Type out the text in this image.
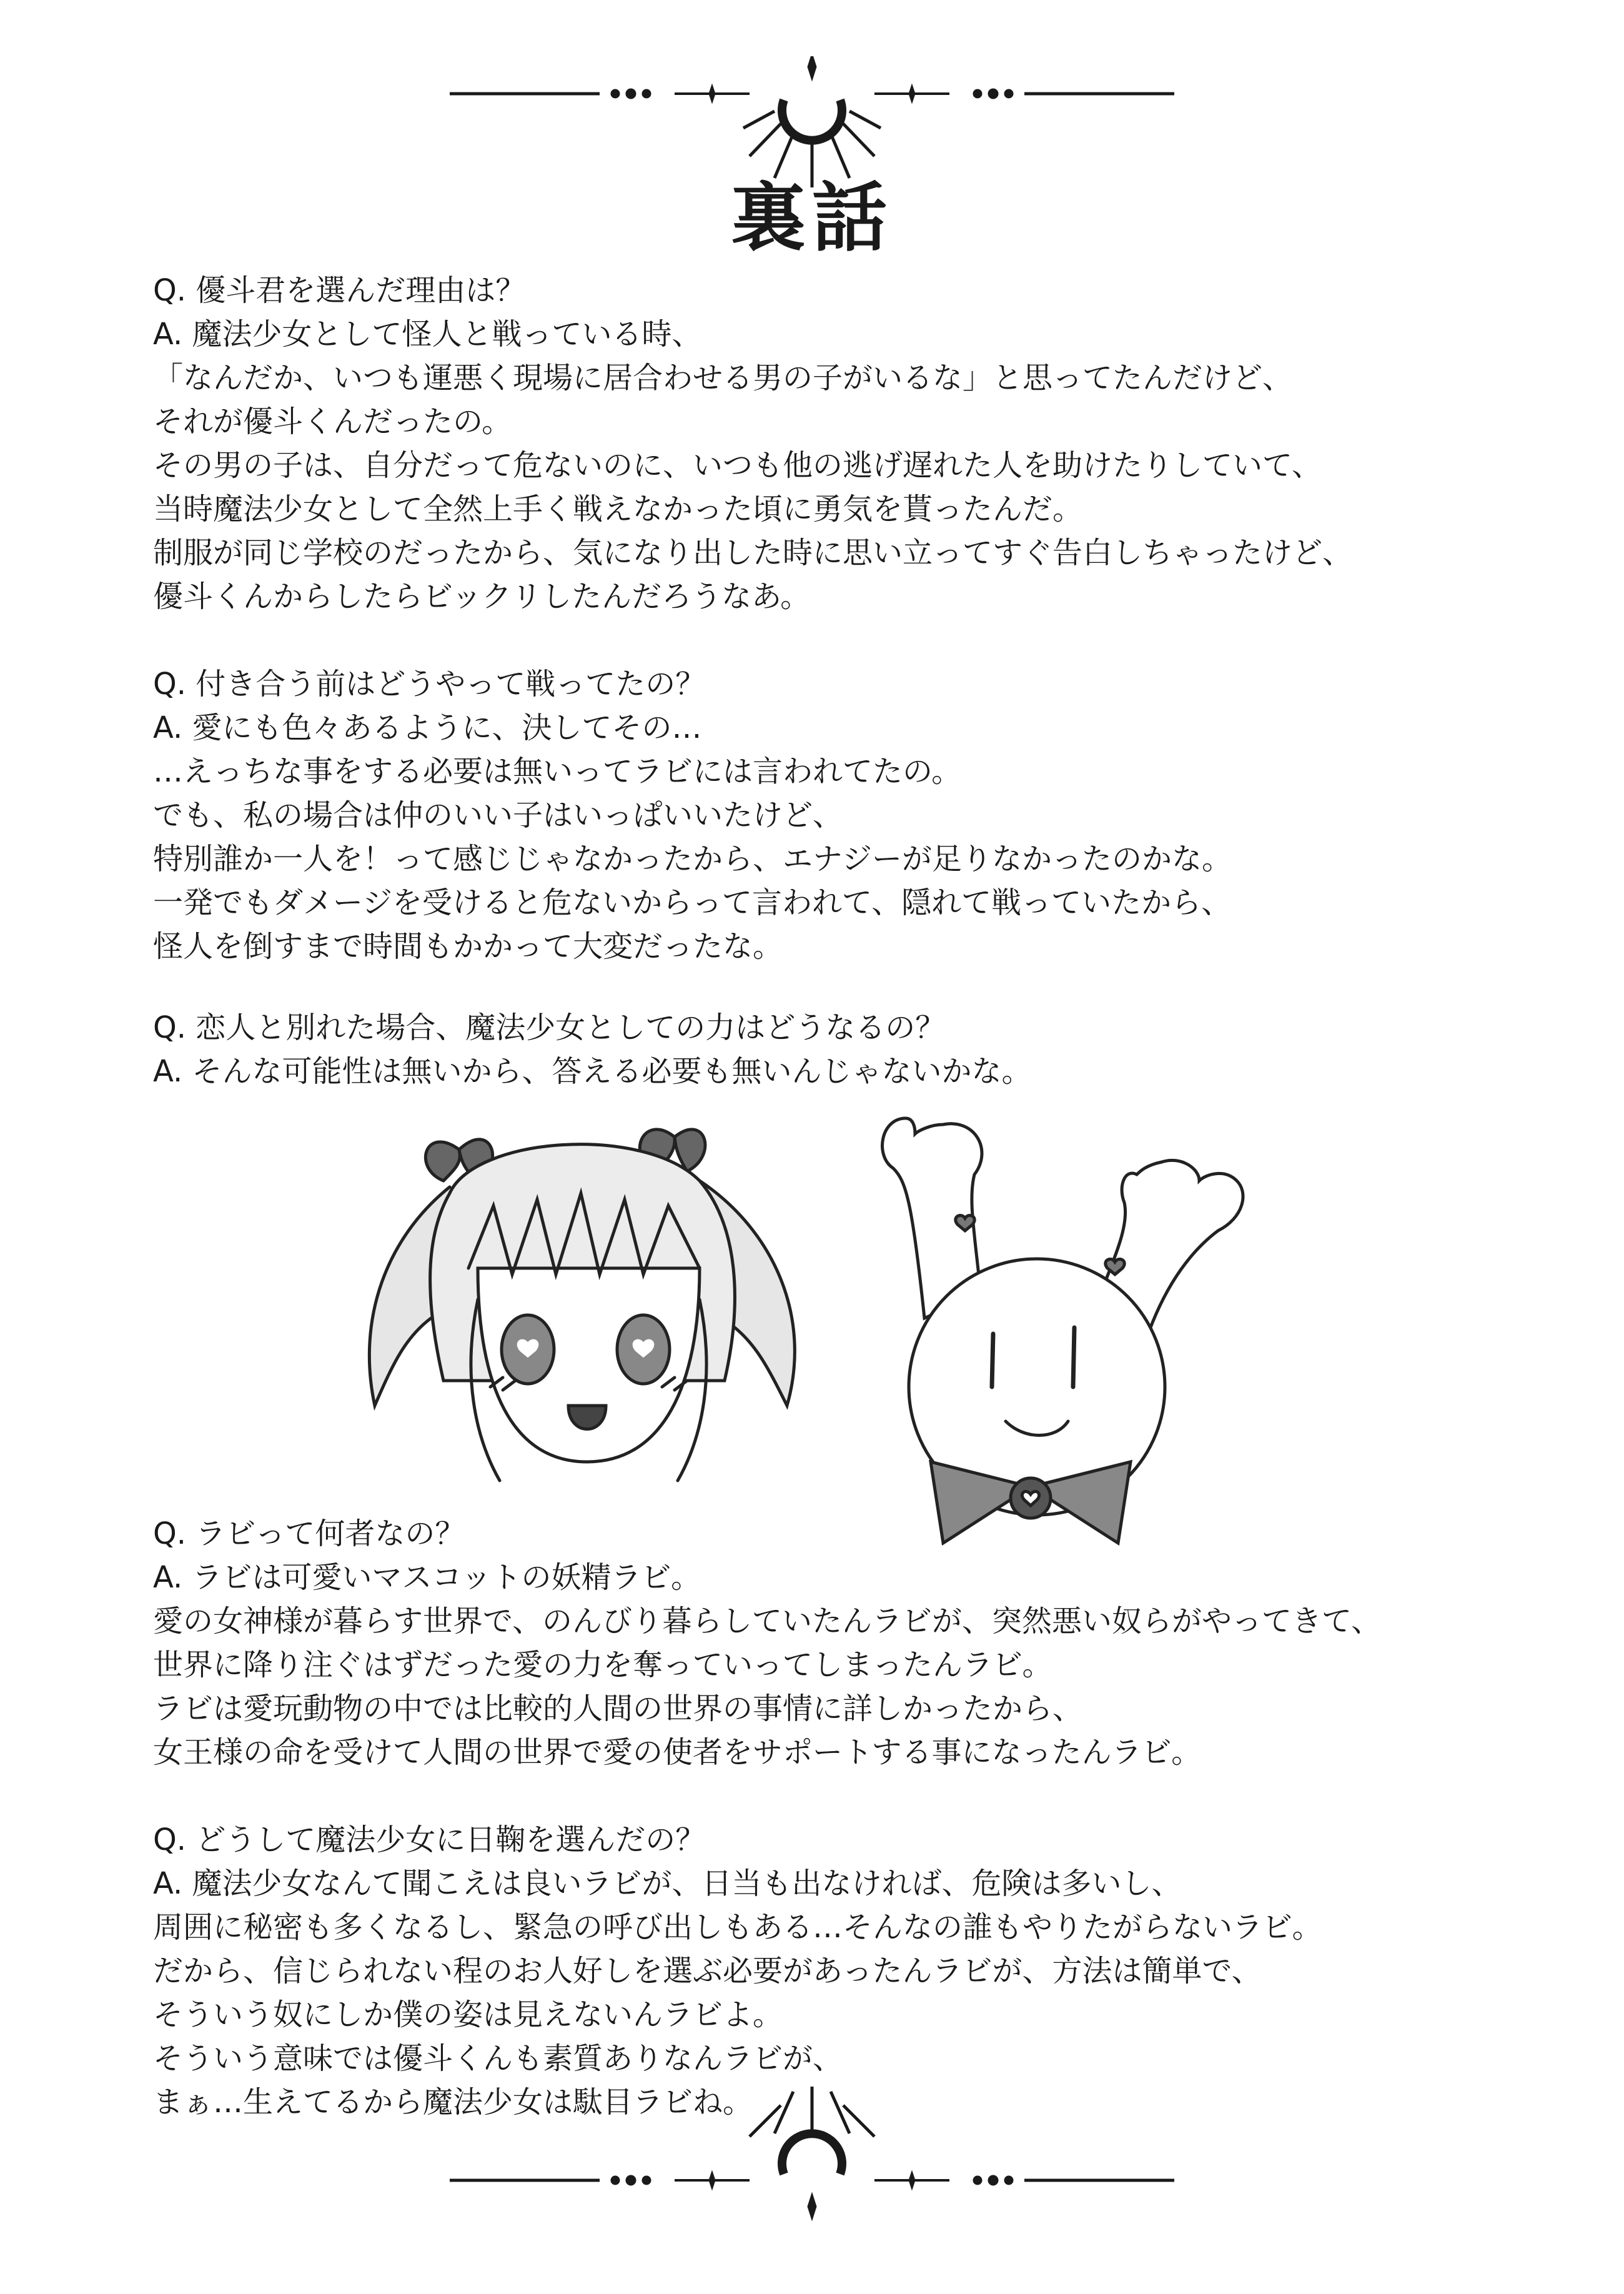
裏話
Q. 優斗君を選んだ理由は？
A. 魔法少女として怪人と戦っている時、
「なんだか、いつも運悪く現場に居合わせる男の子がいるな」と思ってたんだけど、
それが優斗くんだったの。
その男の子は、自分だって危ないのに、いつも他の逃げ遅れた人を助けたりしていて、
当時魔法少女として全然上手く戦えなかった頃に勇気を貰ったんだ。
制服が同じ学校のだったから、気になり出した時に思い立ってすぐ告白しちゃったけど、
優斗くんからしたらビックリしたんだろうなあ。
Q. 付き合う前はどうやって戦ってたの？
A. 愛にも色々あるように、決してその…
…えっちな事をする必要は無いってラビには言われてたの。
でも、私の場合は仲のいい子はいっぱいいたけど、
特別誰か一人を！って感じじゃなかったから、エナジーが足りなかったのかな。
一発でもダメージを受けると危ないからって言われて、隠れて戦っていたから、
怪人を倒すまで時間もかかって大変だったな。
Q. 恋人と別れた場合、魔法少女としての力はどうなるの？
A. そんな可能性は無いから、答える必要も無いんじゃないかな。
Q. ラビって何者なの？
A. ラビは可愛いマスコットの妖精ラビ。
愛の女神様が暮らす世界で、のんびり暮らしていたんラビが、突然悪い奴らがやってきて、
世界に降り注ぐはずだった愛の力を奪っていってしまったんラビ。
ラビは愛玩動物の中では比較的人間の世界の事情に詳しかったから、
女王様の命を受けて人間の世界で愛の使者をサポートする事になったんラビ。
Q. どうして魔法少女に日鞠を選んだの？
A. 魔法少女なんて聞こえは良いラビが、日当も出なければ、危険は多いし、
周囲に秘密も多くなるし、緊急の呼び出しもある…そんなの誰もやりたがらないラビ。
だから、信じられない程のお人好しを選ぶ必要があったんラビが、方法は簡単で、
そういう奴にしか僕の姿は見えないんラビよ。
そういう意味では優斗くんも素質ありなんラビが、
まぁ…生えてるから魔法少女は駄目ラビね。
